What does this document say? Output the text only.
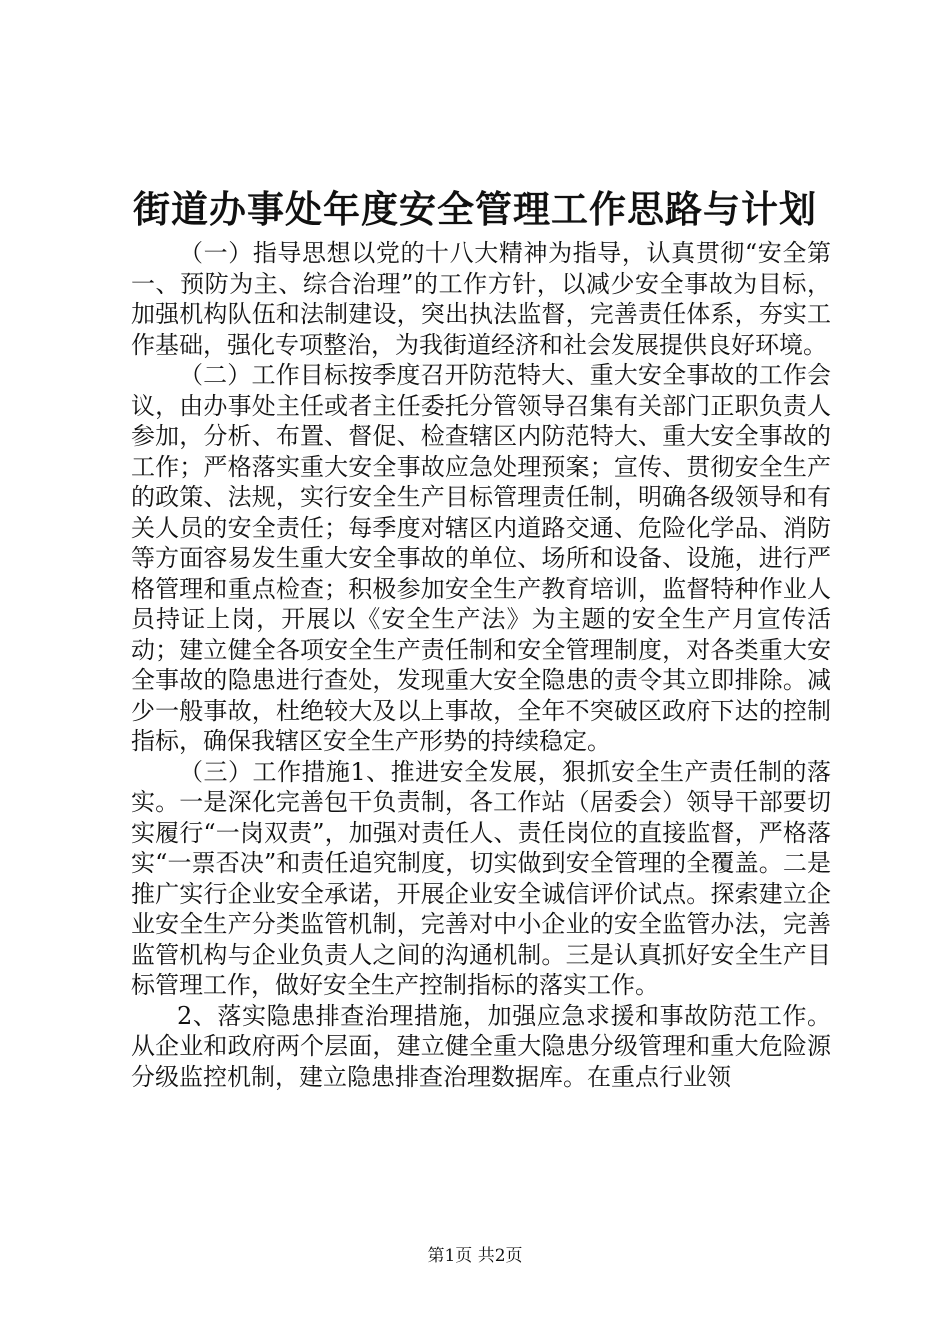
街道办事处年度安全管理工作思路与计划

（一）指导思想以党的十八大精神为指导，认真贯彻“安全第一、预防为主、综合治理”的工作方针，以减少安全事故为目标，加强机构队伍和法制建设，突出执法监督，完善责任体系，夯实工作基础，强化专项整治，为我街道经济和社会发展提供良好环境。

（二）工作目标按季度召开防范特大、重大安全事故的工作会议，由办事处主任或者主任委托分管领导召集有关部门正职负责人参加，分析、布置、督促、检查辖区内防范特大、重大安全事故的工作；严格落实重大安全事故应急处理预案；宣传、贯彻安全生产的政策、法规，实行安全生产目标管理责任制，明确各级领导和有关人员的安全责任；每季度对辖区内道路交通、危险化学品、消防等方面容易发生重大安全事故的单位、场所和设备、设施，进行严格管理和重点检查；积极参加安全生产教育培训，监督特种作业人员持证上岗，开展以《安全生产法》为主题的安全生产月宣传活动；建立健全各项安全生产责任制和安全管理制度，对各类重大安全事故的隐患进行查处，发现重大安全隐患的责令其立即排除。减少一般事故，杜绝较大及以上事故，全年不突破区政府下达的控制指标，确保我辖区安全生产形势的持续稳定。

（三）工作措施1、推进安全发展，狠抓安全生产责任制的落实。一是深化完善包干负责制，各工作站（居委会）领导干部要切实履行“一岗双责”，加强对责任人、责任岗位的直接监督，严格落实“一票否决”和责任追究制度，切实做到安全管理的全覆盖。二是推广实行企业安全承诺，开展企业安全诚信评价试点。探索建立企业安全生产分类监管机制，完善对中小企业的安全监管办法，完善监管机构与企业负责人之间的沟通机制。三是认真抓好安全生产目标管理工作，做好安全生产控制指标的落实工作。

2、落实隐患排查治理措施，加强应急求援和事故防范工作。从企业和政府两个层面，建立健全重大隐患分级管理和重大危险源分级监控机制，建立隐患排查治理数据库。在重点行业领

第1页 共2页
